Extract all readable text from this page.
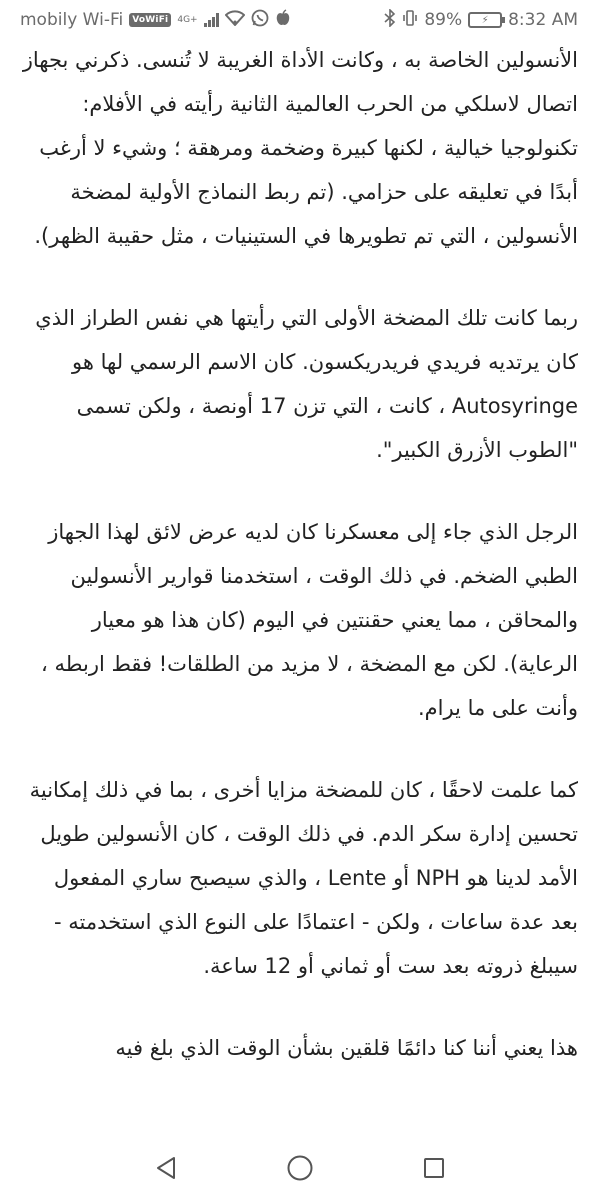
mobily Wi-Fi	VoWiFi	4G+	89%	⚡	8:32 AM

الأنسولين الخاصة به ، وكانت الأداة الغريبة لا تُنسى. ذكرني بجهاز اتصال لاسلكي من الحرب العالمية الثانية رأيته في الأفلام: تكنولوجيا خيالية ، لكنها كبيرة وضخمة ومرهقة ؛ وشيء لا أرغب أبدًا في تعليقه على حزامي. (تم ربط النماذج الأولية لمضخة الأنسولين ، التي تم تطويرها في الستينيات ، مثل حقيبة الظهر).

ربما كانت تلك المضخة الأولى التي رأيتها هي نفس الطراز الذي كان يرتديه فريدي فريدريكسون. كان الاسم الرسمي لها هو Autosyringe ، كانت ، التي تزن 17 أونصة ، ولكن تسمى "الطوب الأزرق الكبير".

الرجل الذي جاء إلى معسكرنا كان لديه عرض لائق لهذا الجهاز الطبي الضخم. في ذلك الوقت ، استخدمنا قوارير الأنسولين والمحاقن ، مما يعني حقنتين في اليوم (كان هذا هو معيار الرعاية). لكن مع المضخة ، لا مزيد من الطلقات! فقط اربطه ، وأنت على ما يرام.

كما علمت لاحقًا ، كان للمضخة مزايا أخرى ، بما في ذلك إمكانية تحسين إدارة سكر الدم. في ذلك الوقت ، كان الأنسولين طويل الأمد لدينا هو NPH أو Lente ، والذي سيصبح ساري المفعول بعد عدة ساعات ، ولكن - اعتمادًا على النوع الذي استخدمته - سيبلغ ذروته بعد ست أو ثماني أو 12 ساعة.

هذا يعني أننا كنا دائمًا قلقين بشأن الوقت الذي بلغ فيه
